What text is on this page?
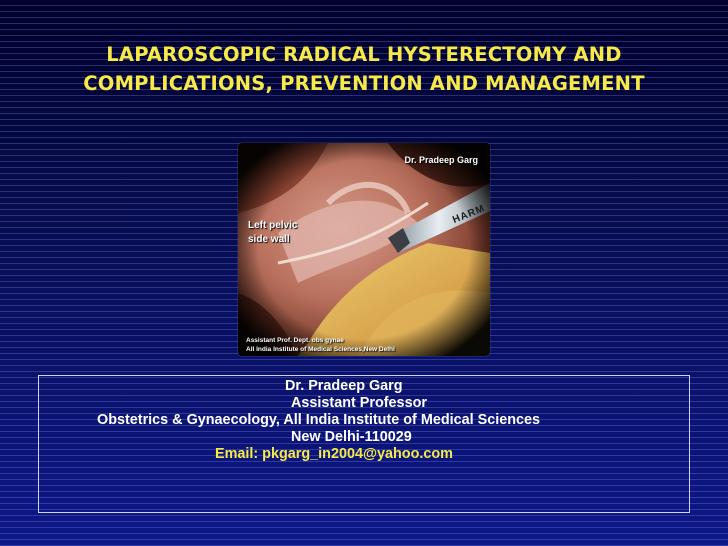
LAPAROSCOPIC RADICAL HYSTERECTOMY AND
COMPLICATIONS, PREVENTION AND MANAGEMENT
Dr. Pradeep Garg
Left pelvic side wall
HARM
Assistant Prof. Dept. obs gynae
All India Institute of Medical Sciences,New Delhi
Dr. Pradeep Garg
Assistant Professor
Obstetrics & Gynaecology, All India Institute of Medical Sciences
New Delhi-110029
Email: pkgarg_in2004@yahoo.com
